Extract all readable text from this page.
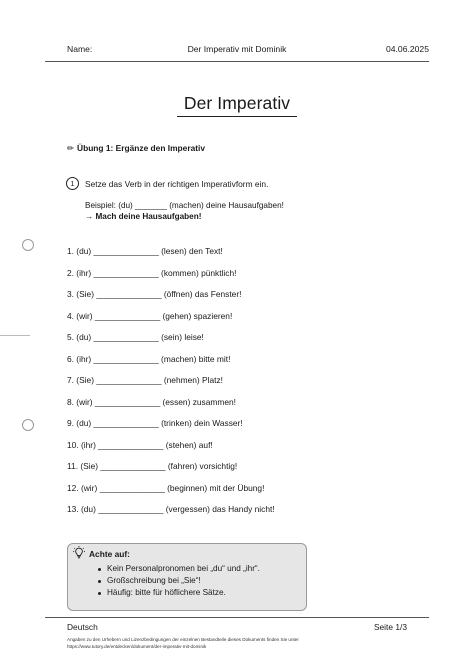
Name:	Der Imperativ mit Dominik	04.06.2025
Der Imperativ
✏ Übung 1: Ergänze den Imperativ
1	Setze das Verb in der richtigen Imperativform ein.
Beispiel: (du) _______ (machen) deine Hausaufgaben!
→ Mach deine Hausaufgaben!
1. (du) ______________ (lesen) den Text!
2. (ihr) ______________ (kommen) pünktlich!
3. (Sie) ______________ (öffnen) das Fenster!
4. (wir) ______________ (gehen) spazieren!
5. (du) ______________ (sein) leise!
6. (ihr) ______________ (machen) bitte mit!
7. (Sie) ______________ (nehmen) Platz!
8. (wir) ______________ (essen) zusammen!
9. (du) ______________ (trinken) dein Wasser!
10. (ihr) ______________ (stehen) auf!
11. (Sie) ______________ (fahren) vorsichtig!
12. (wir) ______________ (beginnen) mit der Übung!
13. (du) ______________ (vergessen) das Handy nicht!
Achte auf:
Kein Personalpronomen bei „du“ und „ihr“.
Großschreibung bei „Sie“!
Häufig: bitte für höflichere Sätze.
Deutsch	Seite 1/3
Angaben zu den Urhebern und Lizenzbedingungen der einzelnen Bestandteile dieses Dokuments finden Sie unter
https://www.tutory.de/entdecken/dokument/der-imperativ-mit-dominik
